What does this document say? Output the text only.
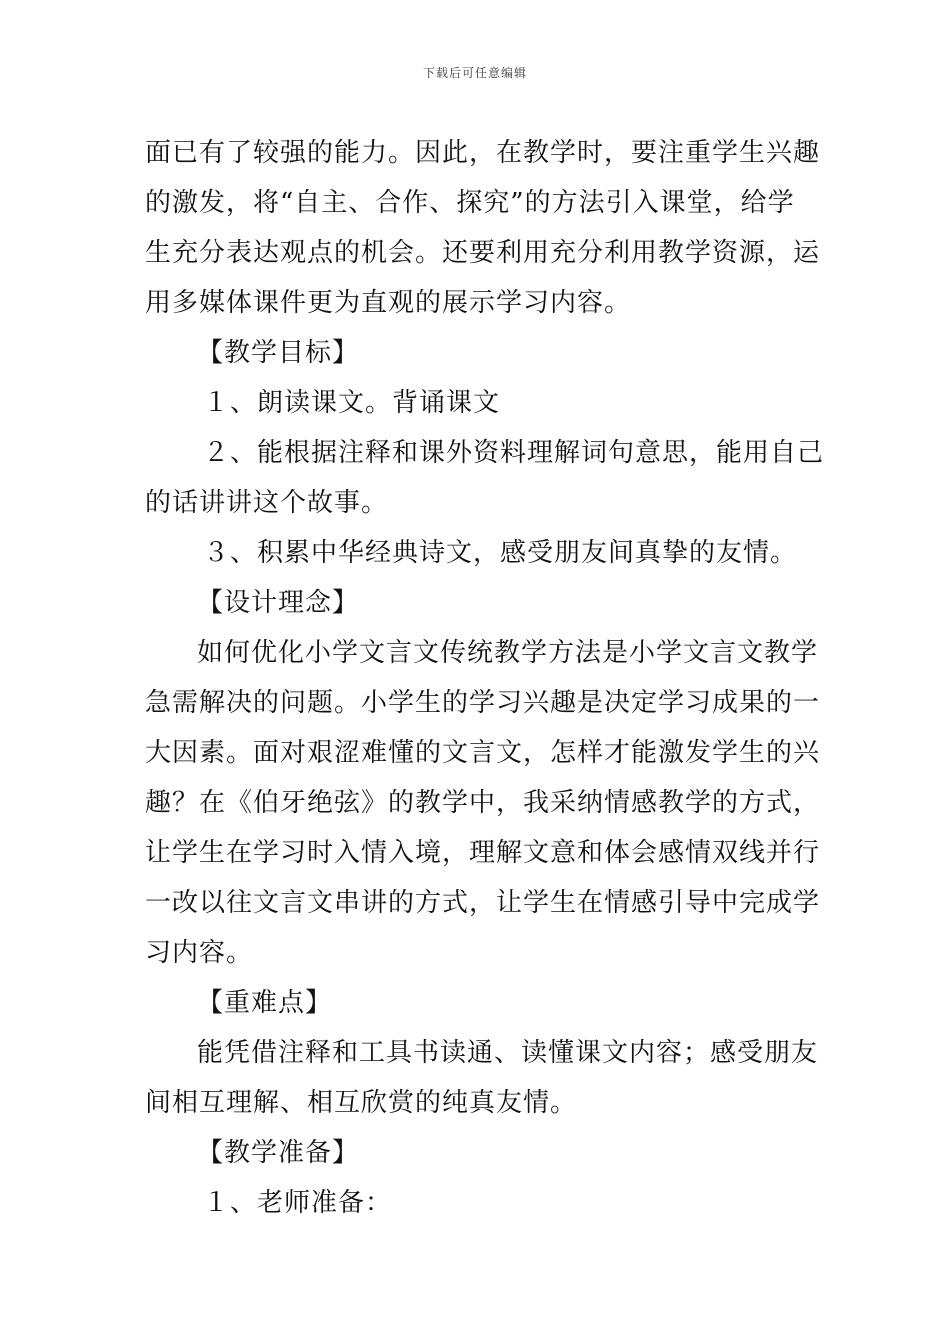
下载后可任意编辑
面已有了较强的能力。因此，在教学时，要注重学生兴趣
的激发，将“自主、合作、探究”的方法引入课堂，给学
生充分表达观点的机会。还要利用充分利用教学资源，运
用多媒体课件更为直观的展示学习内容。
【教学目标】
１、朗读课文。背诵课文
２、能根据注释和课外资料理解词句意思，能用自己
的话讲讲这个故事。
３、积累中华经典诗文，感受朋友间真挚的友情。
【设计理念】
如何优化小学文言文传统教学方法是小学文言文教学
急需解决的问题。小学生的学习兴趣是决定学习成果的一
大因素。面对艰涩难懂的文言文，怎样才能激发学生的兴
趣？在《伯牙绝弦》的教学中，我采纳情感教学的方式，
让学生在学习时入情入境，理解文意和体会感情双线并行
一改以往文言文串讲的方式，让学生在情感引导中完成学
习内容。
【重难点】
能凭借注释和工具书读通、读懂课文内容；感受朋友
间相互理解、相互欣赏的纯真友情。
【教学准备】
１、老师准备：
